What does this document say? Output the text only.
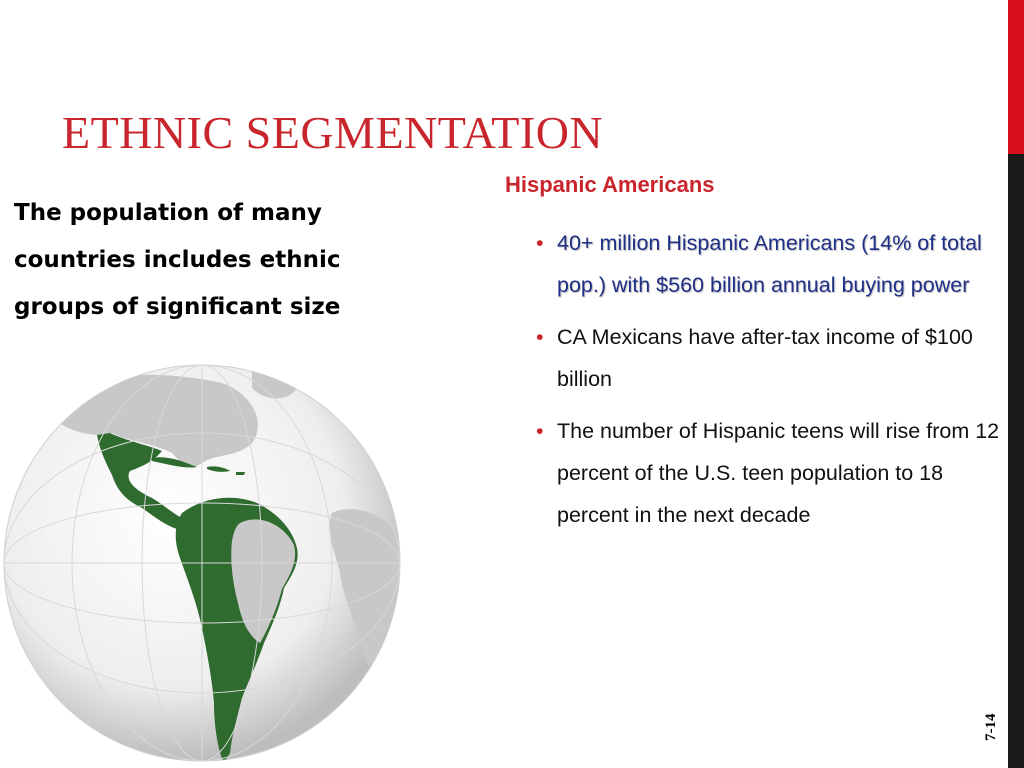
ETHNIC SEGMENTATION

The population of many countries includes ethnic groups of significant size

Hispanic Americans
• 40+ million Hispanic Americans (14% of total pop.) with $560 billion annual buying power
• CA Mexicans have after-tax income of $100 billion
• The number of Hispanic teens will rise from 12 percent of the U.S. teen population to 18 percent in the next decade
7-14
